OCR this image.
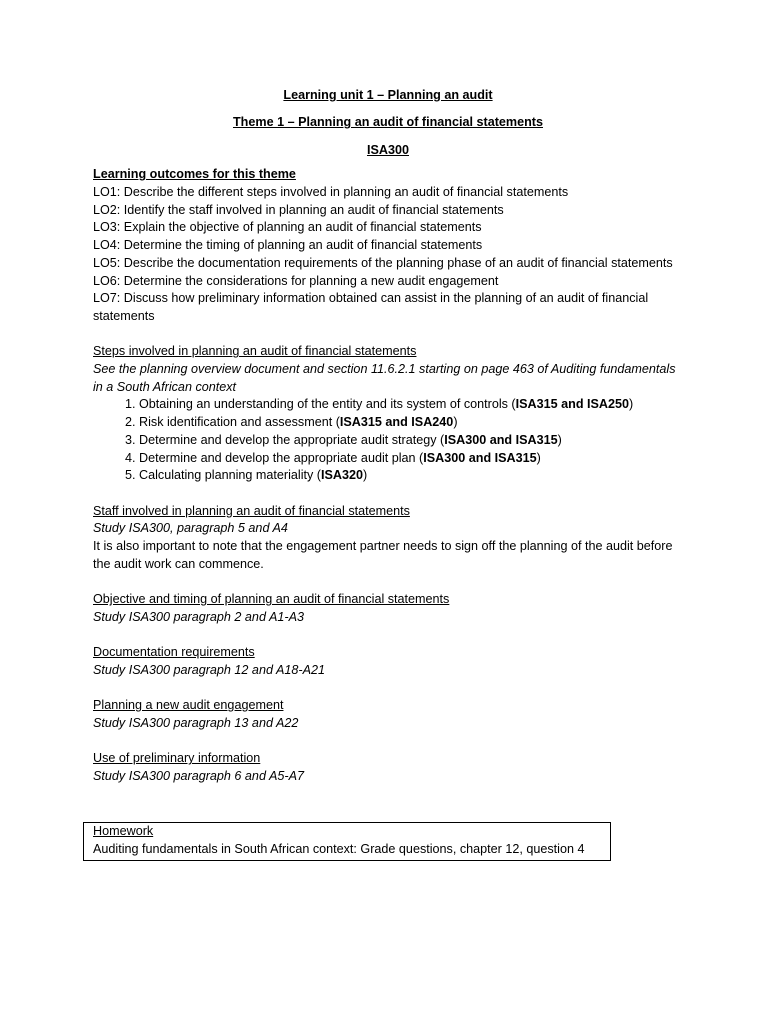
Learning unit 1 – Planning an audit

Theme 1 – Planning an audit of financial statements

ISA300

Learning outcomes for this theme

LO1: Describe the different steps involved in planning an audit of financial statements

LO2: Identify the staff involved in planning an audit of financial statements

LO3: Explain the objective of planning an audit of financial statements

LO4: Determine the timing of planning an audit of financial statements

LO5: Describe the documentation requirements of the planning phase of an audit of financial statements

LO6: Determine the considerations for planning a new audit engagement

LO7: Discuss how preliminary information obtained can assist in the planning of an audit of financial statements

Steps involved in planning an audit of financial statements

See the planning overview document and section 11.6.2.1 starting on page 463 of Auditing fundamentals in a South African context

1. Obtaining an understanding of the entity and its system of controls (ISA315 and ISA250)
2. Risk identification and assessment (ISA315 and ISA240)
3. Determine and develop the appropriate audit strategy (ISA300 and ISA315)
4. Determine and develop the appropriate audit plan (ISA300 and ISA315)
5. Calculating planning materiality (ISA320)

Staff involved in planning an audit of financial statements

Study ISA300, paragraph 5 and A4

It is also important to note that the engagement partner needs to sign off the planning of the audit before the audit work can commence.

Objective and timing of planning an audit of financial statements

Study ISA300 paragraph 2 and A1-A3

Documentation requirements

Study ISA300 paragraph 12 and A18-A21

Planning a new audit engagement

Study ISA300 paragraph 13 and A22

Use of preliminary information

Study ISA300 paragraph 6 and A5-A7

Homework

Auditing fundamentals in South African context: Grade questions, chapter 12, question 4
